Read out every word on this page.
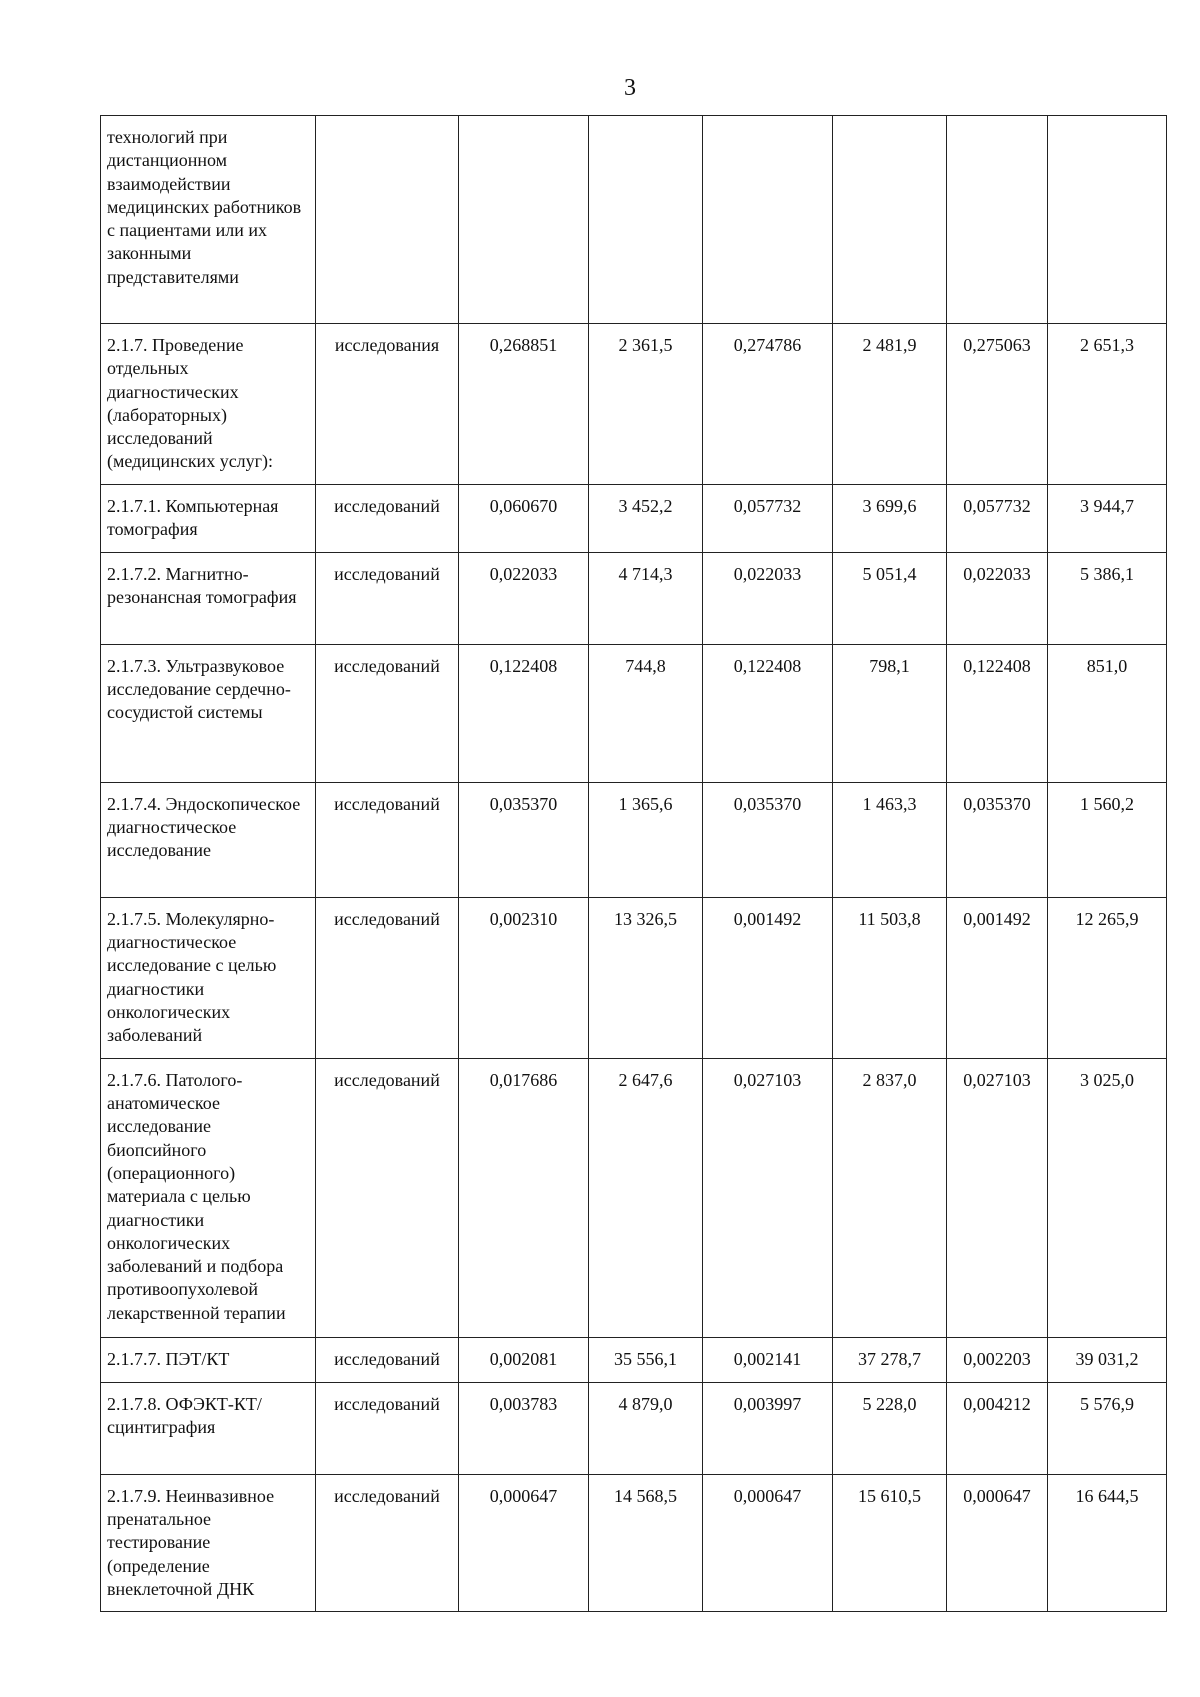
3
технологий при дистанционном взаимодействии медицинских работников с пациентами или их законными представителями							
2.1.7. Проведение отдельных диагностических (лабораторных) исследований (медицинских услуг):	исследования	0,268851	2 361,5	0,274786	2 481,9	0,275063	2 651,3
2.1.7.1. Компьютерная томография	исследований	0,060670	3 452,2	0,057732	3 699,6	0,057732	3 944,7
2.1.7.2. Магнитно-резонансная томография	исследований	0,022033	4 714,3	0,022033	5 051,4	0,022033	5 386,1
2.1.7.3. Ультразвуковое исследование сердечно-сосудистой системы	исследований	0,122408	744,8	0,122408	798,1	0,122408	851,0
2.1.7.4. Эндоскопическое диагностическое исследование	исследований	0,035370	1 365,6	0,035370	1 463,3	0,035370	1 560,2
2.1.7.5. Молекулярно-диагностическое исследование с целью диагностики онкологических заболеваний	исследований	0,002310	13 326,5	0,001492	11 503,8	0,001492	12 265,9
2.1.7.6. Патолого-анатомическое исследование биопсийного (операционного) материала с целью диагностики онкологических заболеваний и подбора противоопухолевой лекарственной терапии	исследований	0,017686	2 647,6	0,027103	2 837,0	0,027103	3 025,0
2.1.7.7. ПЭТ/КТ	исследований	0,002081	35 556,1	0,002141	37 278,7	0,002203	39 031,2
2.1.7.8. ОФЭКТ-КТ/сцинтиграфия	исследований	0,003783	4 879,0	0,003997	5 228,0	0,004212	5 576,9
2.1.7.9. Неинвазивное пренатальное тестирование (определение внеклеточной ДНК	исследований	0,000647	14 568,5	0,000647	15 610,5	0,000647	16 644,5
